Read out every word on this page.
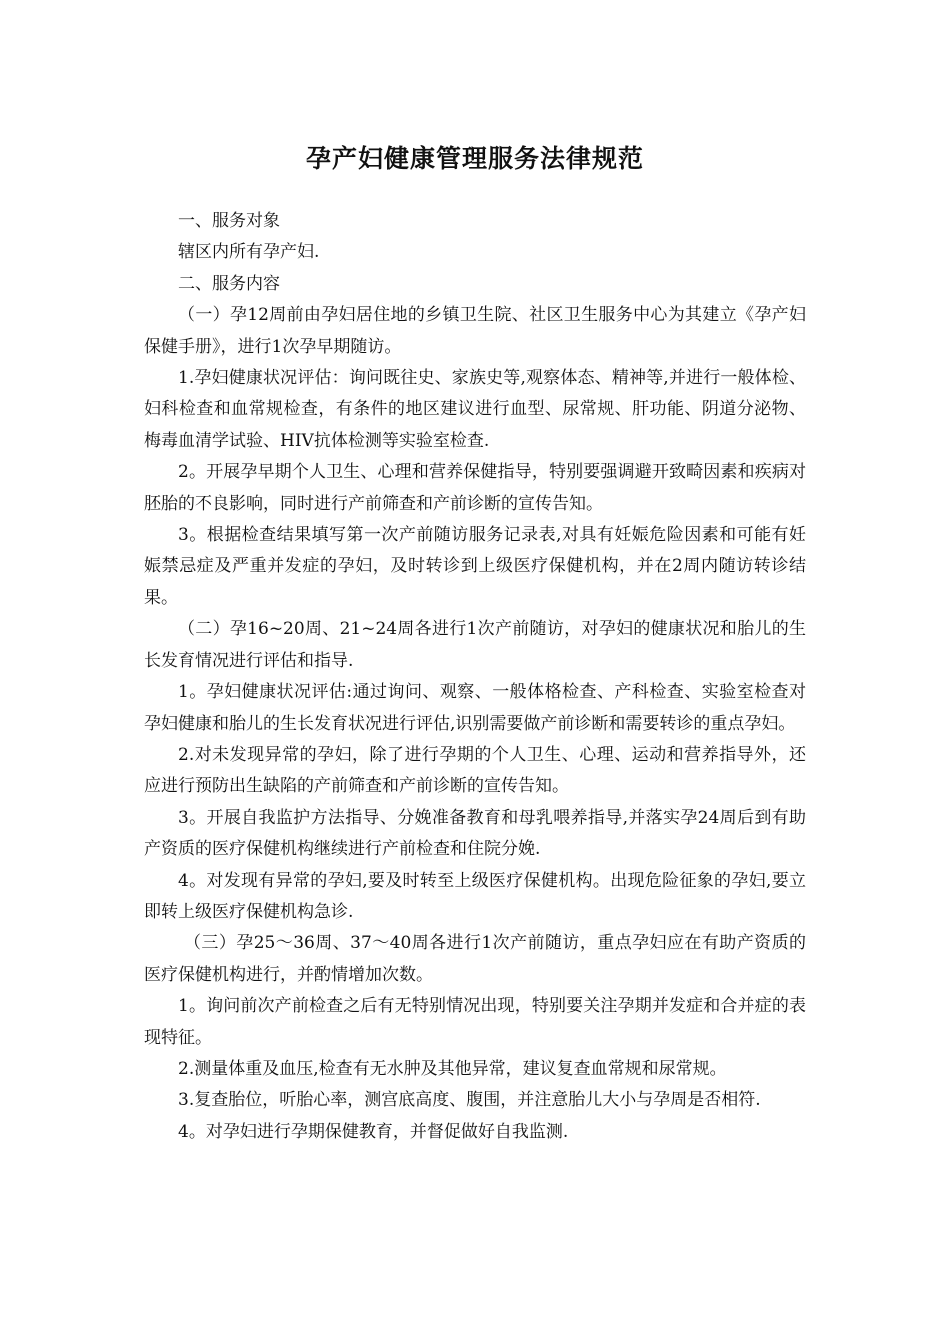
孕产妇健康管理服务法律规范

一、服务对象

辖区内所有孕产妇.

二、服务内容

（一）孕12周前由孕妇居住地的乡镇卫生院、社区卫生服务中心为其建立《孕产妇保健手册》，进行1次孕早期随访。

1.孕妇健康状况评估：询问既往史、家族史等,观察体态、精神等,并进行一般体检、妇科检查和血常规检查，有条件的地区建议进行血型、尿常规、肝功能、阴道分泌物、梅毒血清学试验、HIV抗体检测等实验室检查.

2。开展孕早期个人卫生、心理和营养保健指导，特别要强调避开致畸因素和疾病对胚胎的不良影响，同时进行产前筛查和产前诊断的宣传告知。

3。根据检查结果填写第一次产前随访服务记录表,对具有妊娠危险因素和可能有妊娠禁忌症及严重并发症的孕妇，及时转诊到上级医疗保健机构，并在2周内随访转诊结果。

（二）孕16~20周、21~24周各进行1次产前随访，对孕妇的健康状况和胎儿的生长发育情况进行评估和指导.

1。孕妇健康状况评估:通过询问、观察、一般体格检查、产科检查、实验室检查对孕妇健康和胎儿的生长发育状况进行评估,识别需要做产前诊断和需要转诊的重点孕妇。

2.对未发现异常的孕妇，除了进行孕期的个人卫生、心理、运动和营养指导外，还应进行预防出生缺陷的产前筛查和产前诊断的宣传告知。

3。开展自我监护方法指导、分娩准备教育和母乳喂养指导,并落实孕24周后到有助产资质的医疗保健机构继续进行产前检查和住院分娩.

4。对发现有异常的孕妇,要及时转至上级医疗保健机构。出现危险征象的孕妇,要立即转上级医疗保健机构急诊.

（三）孕25～36周、37～40周各进行1次产前随访，重点孕妇应在有助产资质的医疗保健机构进行，并酌情增加次数。

1。询问前次产前检查之后有无特别情况出现，特别要关注孕期并发症和合并症的表现特征。

2.测量体重及血压,检查有无水肿及其他异常，建议复查血常规和尿常规。

3.复查胎位，听胎心率，测宫底高度、腹围，并注意胎儿大小与孕周是否相符.

4。对孕妇进行孕期保健教育，并督促做好自我监测.
